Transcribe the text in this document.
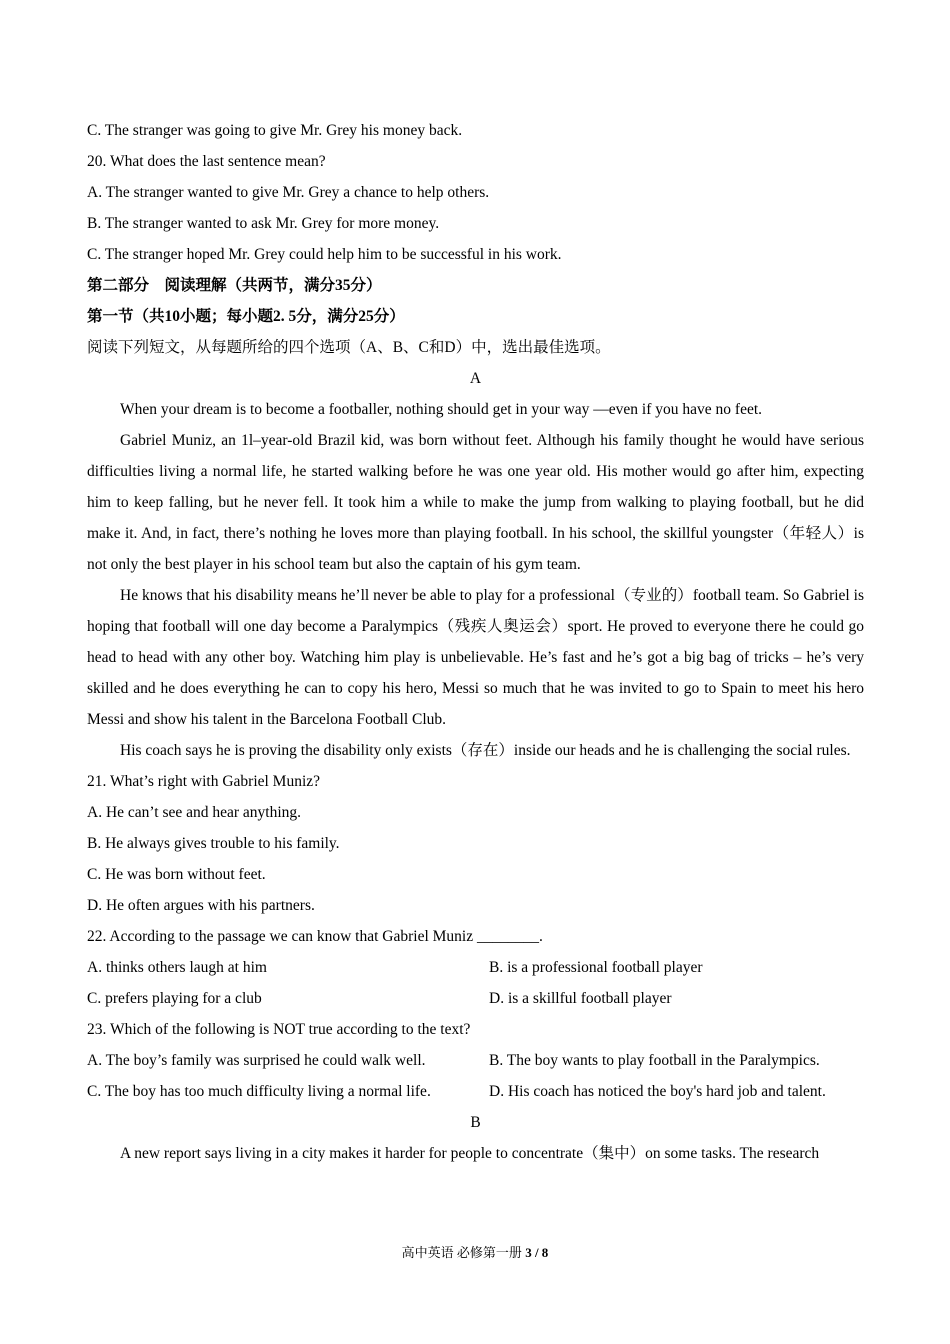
C. The stranger was going to give Mr. Grey his money back.
20. What does the last sentence mean?
A. The stranger wanted to give Mr. Grey a chance to help others.
B. The stranger wanted to ask Mr. Grey for more money.
C. The stranger hoped Mr. Grey could help him to be successful in his work.
第二部分　阅读理解（共两节，满分35分）
第一节（共10小题；每小题2. 5分，满分25分）
阅读下列短文，从每题所给的四个选项（A、B、C和D）中，选出最佳选项。
A

When your dream is to become a footballer, nothing should get in your way —even if you have no feet.

Gabriel Muniz, an 1l–year-old Brazil kid, was born without feet. Although his family thought he would have serious difficulties living a normal life, he started walking before he was one year old. His mother would go after him, expecting him to keep falling, but he never fell. It took him a while to make the jump from walking to playing football, but he did make it. And, in fact, there’s nothing he loves more than playing football. In his school, the skillful youngster（年轻人）is not only the best player in his school team but also the captain of his gym team.

He knows that his disability means he’ll never be able to play for a professional（专业的）football team. So Gabriel is hoping that football will one day become a Paralympics（残疾人奥运会）sport. He proved to everyone there he could go head to head with any other boy. Watching him play is unbelievable. He’s fast and he’s got a big bag of tricks – he’s very skilled and he does everything he can to copy his hero, Messi so much that he was invited to go to Spain to meet his hero Messi and show his talent in the Barcelona Football Club.

His coach says he is proving the disability only exists（存在）inside our heads and he is challenging the social rules.

21. What’s right with Gabriel Muniz?
A. He can’t see and hear anything.
B. He always gives trouble to his family.
C. He was born without feet.
D. He often argues with his partners.
22. According to the passage we can know that Gabriel Muniz ________.
A. thinks others laugh at him	B. is a professional football player
C. prefers playing for a club	D. is a skillful football player
23. Which of the following is NOT true according to the text?
A. The boy’s family was surprised he could walk well.	B. The boy wants to play football in the Paralympics.
C. The boy has too much difficulty living a normal life.	D. His coach has noticed the boy's hard job and talent.
B

A new report says living in a city makes it harder for people to concentrate（集中）on some tasks. The research

高中英语 必修第一册 3 / 8
